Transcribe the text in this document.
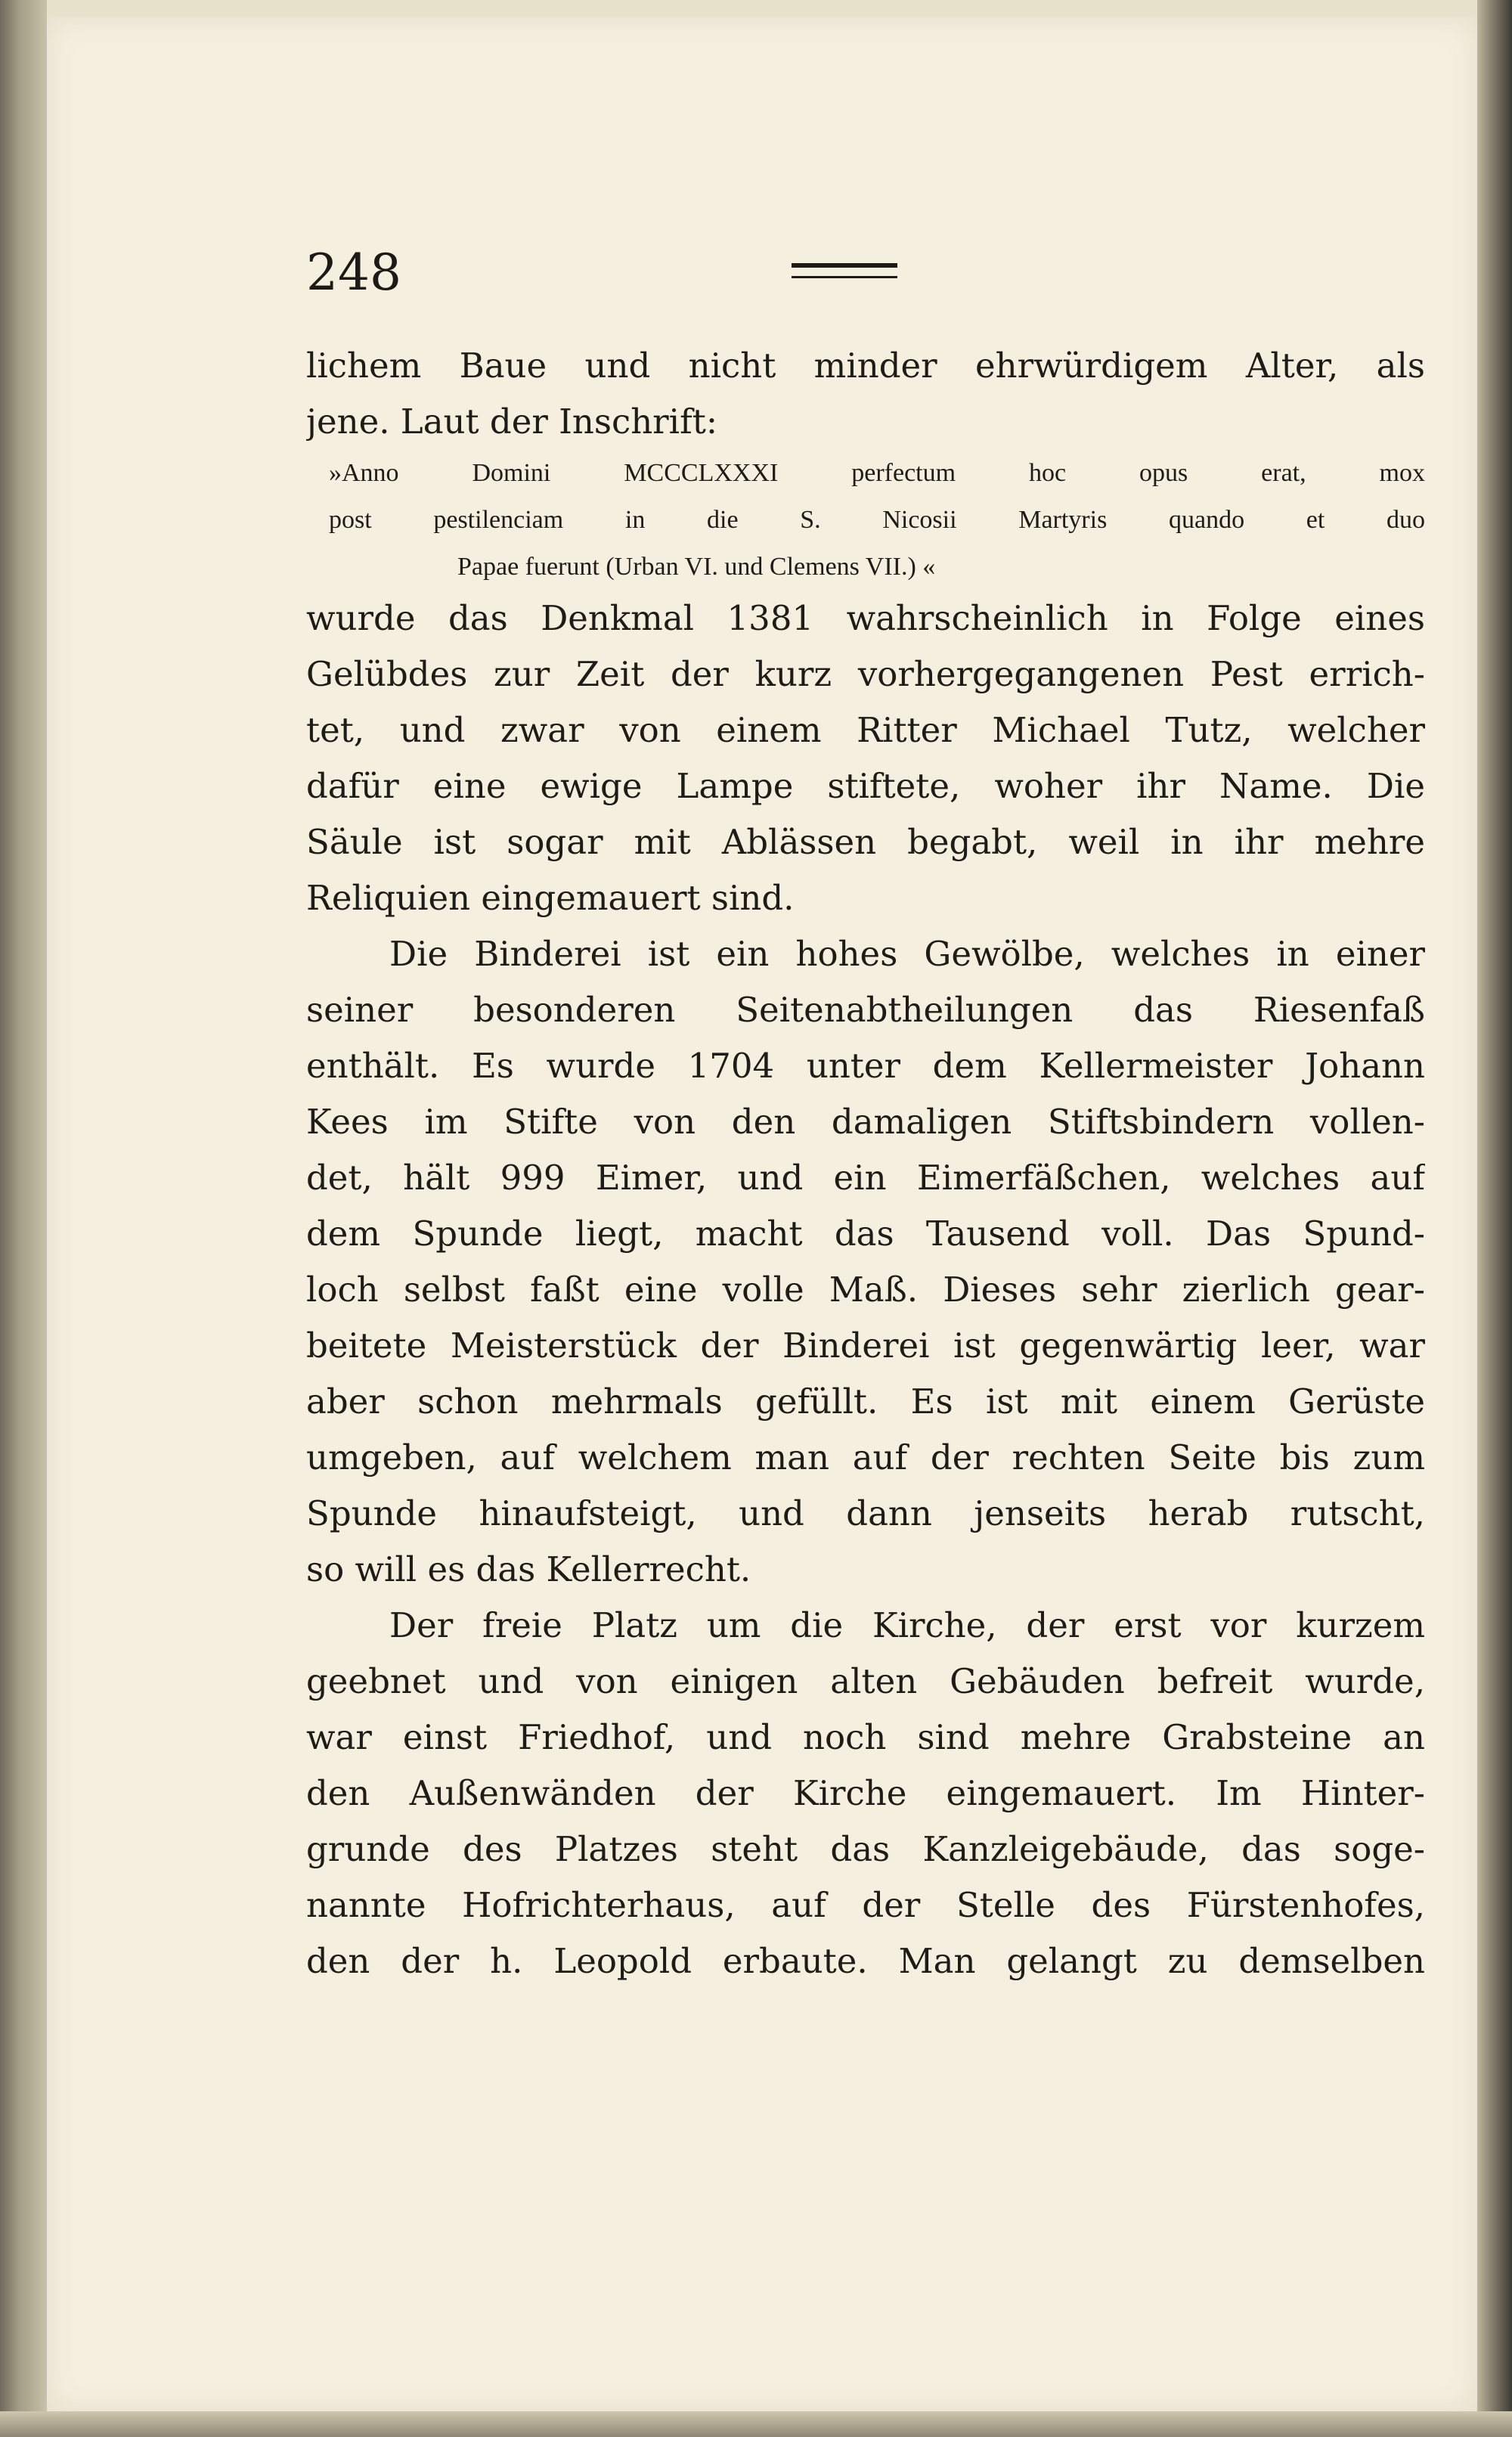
248
lichem Baue und nicht minder ehrwürdigem Alter, als
jene. Laut der Inschrift:
»Anno Domini MCCCLXXXI perfectum hoc opus erat, mox
post pestilenciam in die S. Nicosii Martyris quando et duo
Papae fuerunt (Urban VI. und Clemens VII.) «
wurde das Denkmal 1381 wahrscheinlich in Folge eines
Gelübdes zur Zeit der kurz vorhergegangenen Pest errich-
tet, und zwar von einem Ritter Michael Tutz, welcher
dafür eine ewige Lampe stiftete, woher ihr Name. Die
Säule ist sogar mit Ablässen begabt, weil in ihr mehre
Reliquien eingemauert sind.
Die Binderei ist ein hohes Gewölbe, welches in einer
seiner besonderen Seitenabtheilungen das Riesenfaß
enthält. Es wurde 1704 unter dem Kellermeister Johann
Kees im Stifte von den damaligen Stiftsbindern vollen-
det, hält 999 Eimer, und ein Eimerfäßchen, welches auf
dem Spunde liegt, macht das Tausend voll. Das Spund-
loch selbst faßt eine volle Maß. Dieses sehr zierlich gear-
beitete Meisterstück der Binderei ist gegenwärtig leer, war
aber schon mehrmals gefüllt. Es ist mit einem Gerüste
umgeben, auf welchem man auf der rechten Seite bis zum
Spunde hinaufsteigt, und dann jenseits herab rutscht,
so will es das Kellerrecht.
Der freie Platz um die Kirche, der erst vor kurzem
geebnet und von einigen alten Gebäuden befreit wurde,
war einst Friedhof, und noch sind mehre Grabsteine an
den Außenwänden der Kirche eingemauert. Im Hinter-
grunde des Platzes steht das Kanzleigebäude, das soge-
nannte Hofrichterhaus, auf der Stelle des Fürstenhofes,
den der h. Leopold erbaute. Man gelangt zu demselben
